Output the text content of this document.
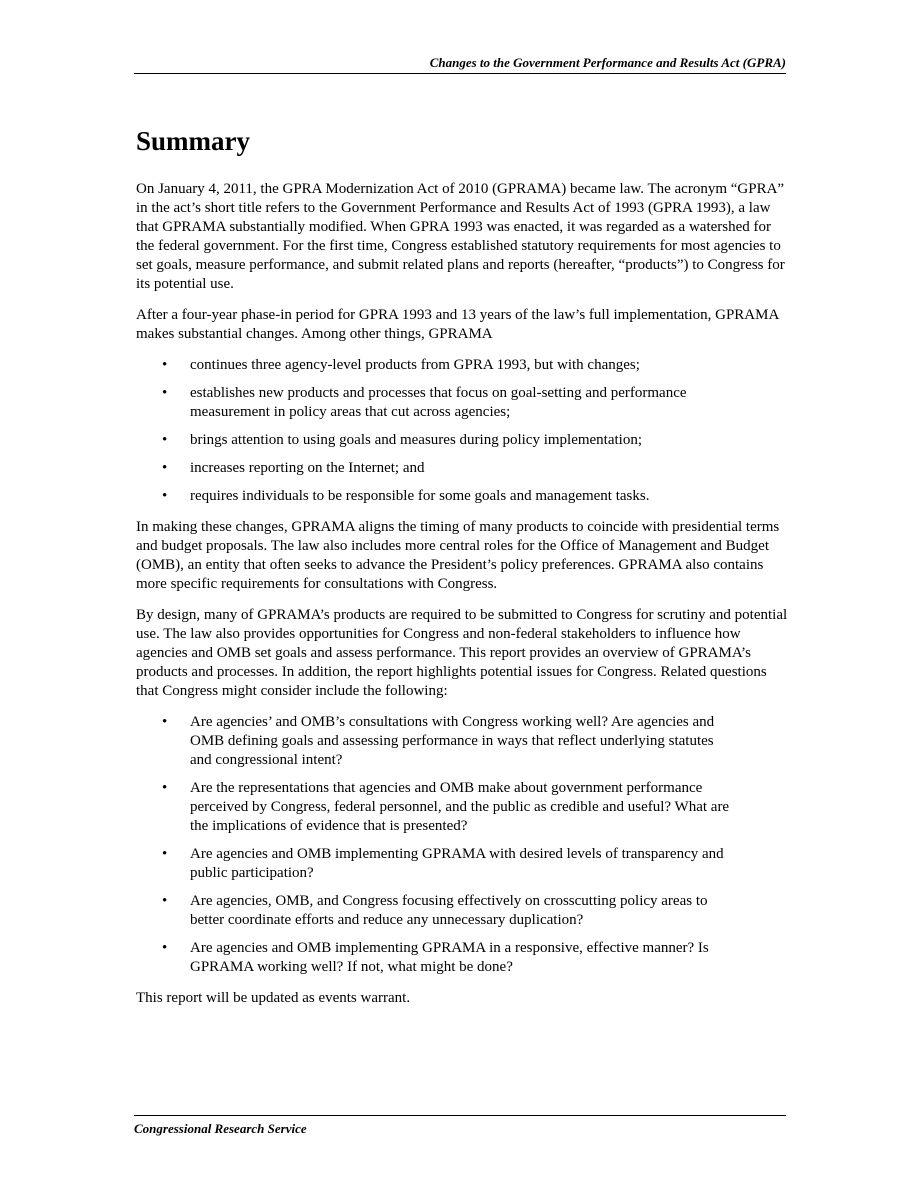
Changes to the Government Performance and Results Act (GPRA)
Summary

On January 4, 2011, the GPRA Modernization Act of 2010 (GPRAMA) became law. The acronym “GPRA” in the act’s short title refers to the Government Performance and Results Act of 1993 (GPRA 1993), a law that GPRAMA substantially modified. When GPRA 1993 was enacted, it was regarded as a watershed for the federal government. For the first time, Congress established statutory requirements for most agencies to set goals, measure performance, and submit related plans and reports (hereafter, “products”) to Congress for its potential use.

After a four-year phase-in period for GPRA 1993 and 13 years of the law’s full implementation, GPRAMA makes substantial changes. Among other things, GPRAMA

• continues three agency-level products from GPRA 1993, but with changes;
• establishes new products and processes that focus on goal-setting and performance measurement in policy areas that cut across agencies;
• brings attention to using goals and measures during policy implementation;
• increases reporting on the Internet; and
• requires individuals to be responsible for some goals and management tasks.

In making these changes, GPRAMA aligns the timing of many products to coincide with presidential terms and budget proposals. The law also includes more central roles for the Office of Management and Budget (OMB), an entity that often seeks to advance the President’s policy preferences. GPRAMA also contains more specific requirements for consultations with Congress.

By design, many of GPRAMA’s products are required to be submitted to Congress for scrutiny and potential use. The law also provides opportunities for Congress and non-federal stakeholders to influence how agencies and OMB set goals and assess performance. This report provides an overview of GPRAMA’s products and processes. In addition, the report highlights potential issues for Congress. Related questions that Congress might consider include the following:

• Are agencies’ and OMB’s consultations with Congress working well? Are agencies and OMB defining goals and assessing performance in ways that reflect underlying statutes and congressional intent?
• Are the representations that agencies and OMB make about government performance perceived by Congress, federal personnel, and the public as credible and useful? What are the implications of evidence that is presented?
• Are agencies and OMB implementing GPRAMA with desired levels of transparency and public participation?
• Are agencies, OMB, and Congress focusing effectively on crosscutting policy areas to better coordinate efforts and reduce any unnecessary duplication?
• Are agencies and OMB implementing GPRAMA in a responsive, effective manner? Is GPRAMA working well? If not, what might be done?

This report will be updated as events warrant.

Congressional Research Service
